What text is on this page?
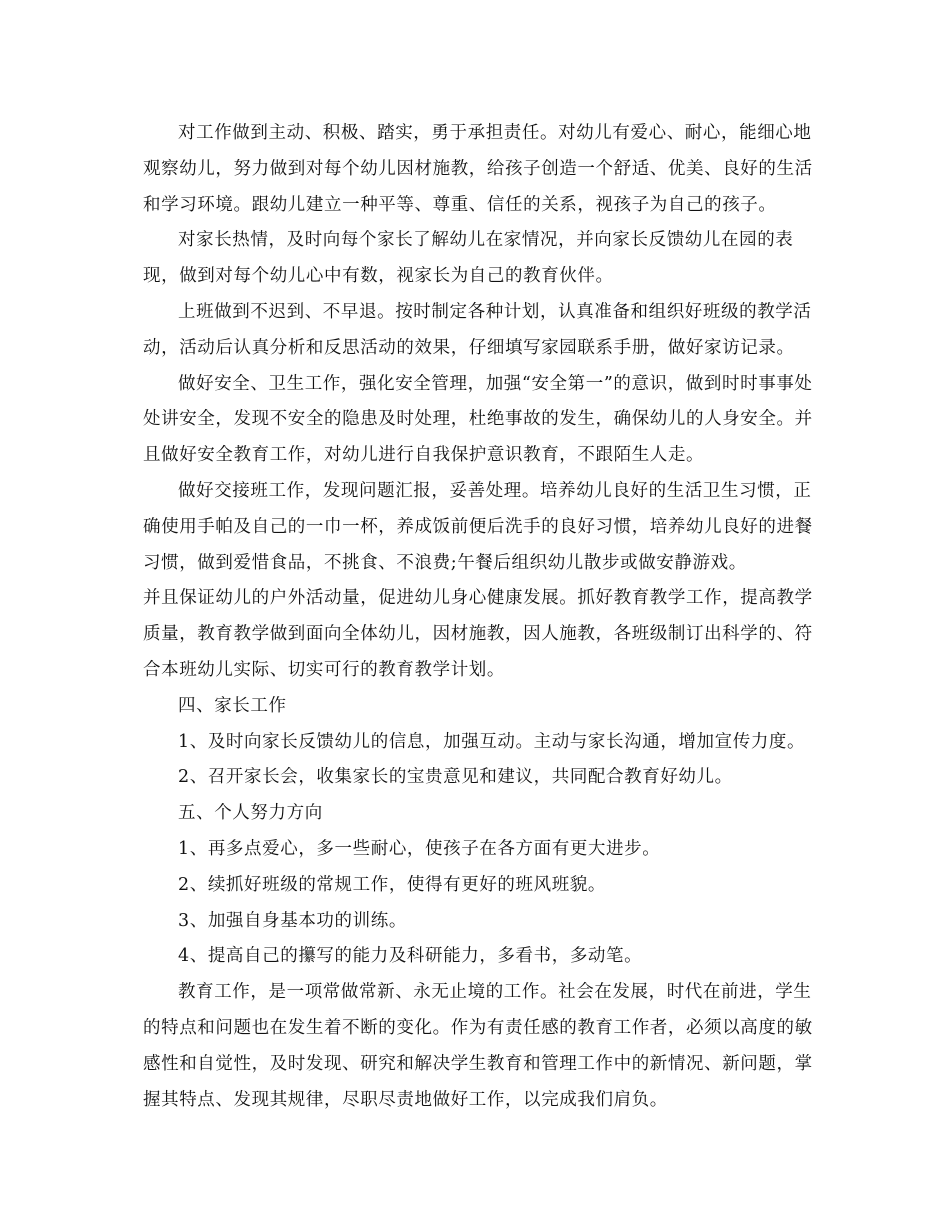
对工作做到主动、积极、踏实，勇于承担责任。对幼儿有爱心、耐心，能细心地观察幼儿，努力做到对每个幼儿因材施教，给孩子创造一个舒适、优美、良好的生活和学习环境。跟幼儿建立一种平等、尊重、信任的关系，视孩子为自己的孩子。

对家长热情，及时向每个家长了解幼儿在家情况，并向家长反馈幼儿在园的表现，做到对每个幼儿心中有数，视家长为自己的教育伙伴。

上班做到不迟到、不早退。按时制定各种计划，认真准备和组织好班级的教学活动，活动后认真分析和反思活动的效果，仔细填写家园联系手册，做好家访记录。

做好安全、卫生工作，强化安全管理，加强“安全第一”的意识，做到时时事事处处讲安全，发现不安全的隐患及时处理，杜绝事故的发生，确保幼儿的人身安全。并且做好安全教育工作，对幼儿进行自我保护意识教育，不跟陌生人走。

做好交接班工作，发现问题汇报，妥善处理。培养幼儿良好的生活卫生习惯，正确使用手帕及自己的一巾一杯，养成饭前便后洗手的良好习惯，培养幼儿良好的进餐习惯，做到爱惜食品，不挑食、不浪费;午餐后组织幼儿散步或做安静游戏。

并且保证幼儿的户外活动量，促进幼儿身心健康发展。抓好教育教学工作，提高教学质量，教育教学做到面向全体幼儿，因材施教，因人施教，各班级制订出科学的、符合本班幼儿实际、切实可行的教育教学计划。

四、家长工作

1、及时向家长反馈幼儿的信息，加强互动。主动与家长沟通，增加宣传力度。

2、召开家长会，收集家长的宝贵意见和建议，共同配合教育好幼儿。

五、个人努力方向

1、再多点爱心，多一些耐心，使孩子在各方面有更大进步。

2、续抓好班级的常规工作，使得有更好的班风班貌。

3、加强自身基本功的训练。

4、提高自己的攥写的能力及科研能力，多看书，多动笔。

教育工作，是一项常做常新、永无止境的工作。社会在发展，时代在前进，学生的特点和问题也在发生着不断的变化。作为有责任感的教育工作者，必须以高度的敏感性和自觉性，及时发现、研究和解决学生教育和管理工作中的新情况、新问题，掌握其特点、发现其规律，尽职尽责地做好工作，以完成我们肩负。
